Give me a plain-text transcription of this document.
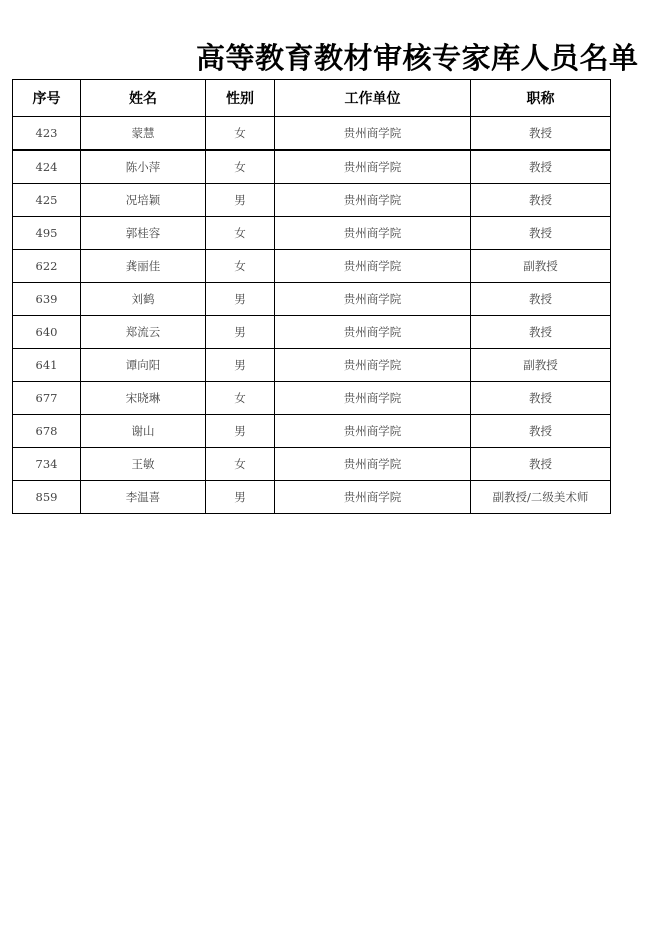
高等教育教材审核专家库人员名单
序号	姓名	性别	工作单位	职称
423	蒙慧	女	贵州商学院	教授
424	陈小萍	女	贵州商学院	教授
425	况培颖	男	贵州商学院	教授
495	郭桂容	女	贵州商学院	教授
622	龚丽佳	女	贵州商学院	副教授
639	刘鹤	男	贵州商学院	教授
640	郑流云	男	贵州商学院	教授
641	谭向阳	男	贵州商学院	副教授
677	宋晓琳	女	贵州商学院	教授
678	谢山	男	贵州商学院	教授
734	王敏	女	贵州商学院	教授
859	李温喜	男	贵州商学院	副教授/二级美术师
